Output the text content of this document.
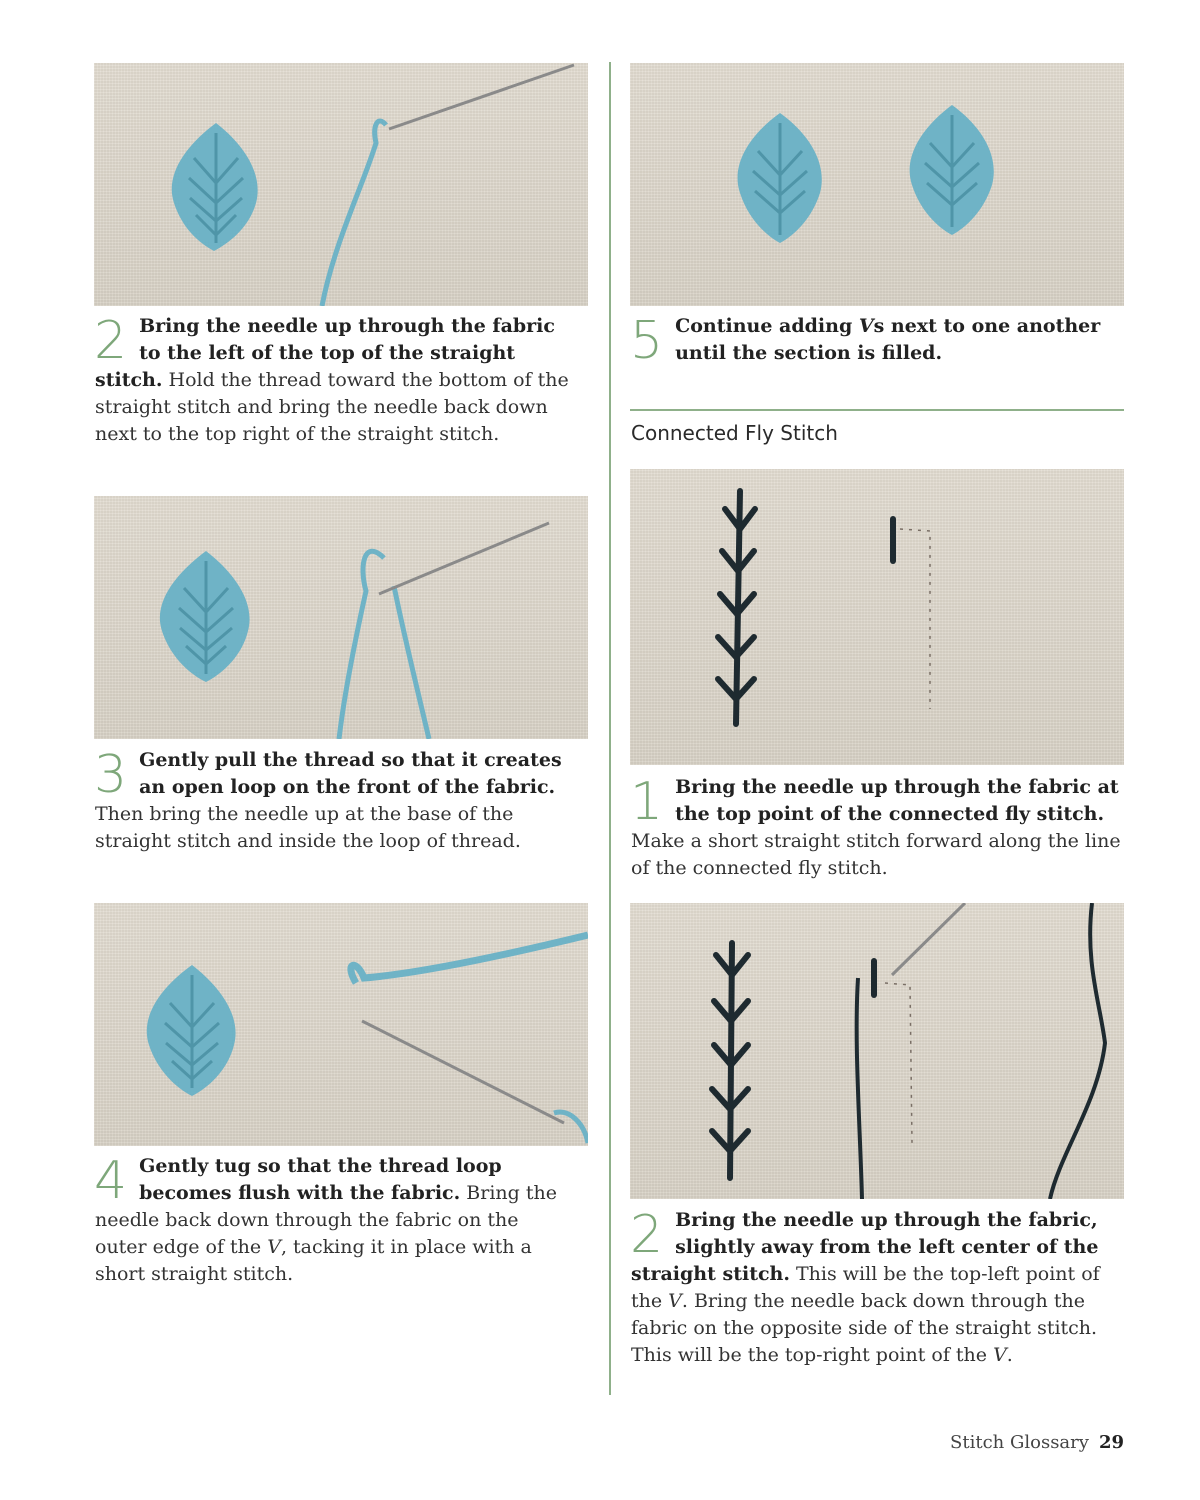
2 Bring the needle up through the fabric to the left of the top of the straight stitch. Hold the thread toward the bottom of the straight stitch and bring the needle back down next to the top right of the straight stitch.
3 Gently pull the thread so that it creates an open loop on the front of the fabric. Then bring the needle up at the base of the straight stitch and inside the loop of thread.
4 Gently tug so that the thread loop becomes flush with the fabric. Bring the needle back down through the fabric on the outer edge of the V, tacking it in place with a short straight stitch.
5 Continue adding Vs next to one another until the section is filled.
Connected Fly Stitch
1 Bring the needle up through the fabric at the top point of the connected fly stitch. Make a short straight stitch forward along the line of the connected fly stitch.
2 Bring the needle up through the fabric, slightly away from the left center of the straight stitch. This will be the top-left point of the V. Bring the needle back down through the fabric on the opposite side of the straight stitch. This will be the top-right point of the V.
Stitch Glossary 29
